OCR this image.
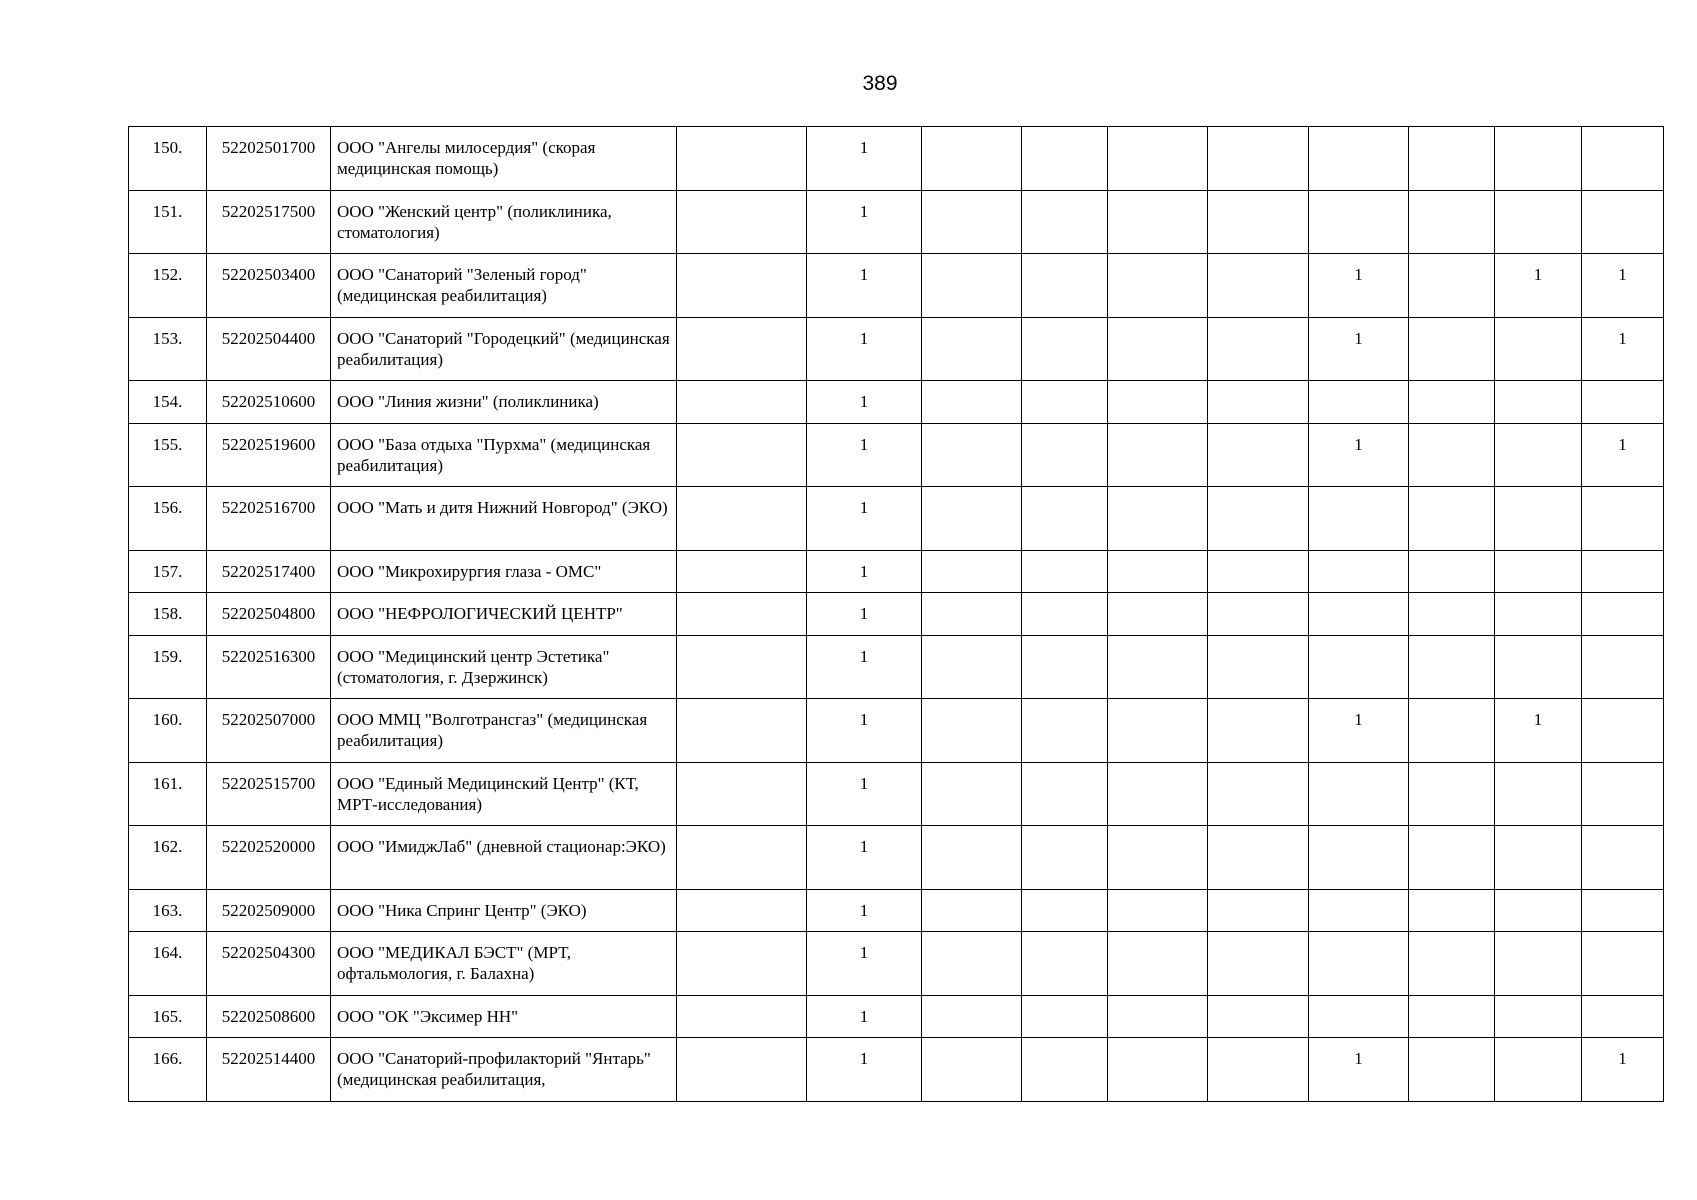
389
150.	52202501700	ООО "Ангелы милосердия" (скорая медицинская помощь)		1								
151.	52202517500	ООО "Женский центр" (поликлиника, стоматология)		1								
152.	52202503400	ООО "Санаторий "Зеленый город" (медицинская реабилитация)		1					1		1	1
153.	52202504400	ООО "Санаторий "Городецкий" (медицинская реабилитация)		1					1			1
154.	52202510600	ООО "Линия жизни" (поликлиника)		1								
155.	52202519600	ООО "База отдыха "Пурхма" (медицинская реабилитация)		1					1			1
156.	52202516700	ООО "Мать и дитя Нижний Новгород" (ЭКО)		1								
157.	52202517400	ООО "Микрохирургия глаза - ОМС"		1								
158.	52202504800	ООО "НЕФРОЛОГИЧЕСКИЙ ЦЕНТР"		1								
159.	52202516300	ООО "Медицинский центр Эстетика" (стоматология, г. Дзержинск)		1								
160.	52202507000	ООО ММЦ "Волготрансгаз" (медицинская реабилитация)		1					1		1	
161.	52202515700	ООО "Единый Медицинский Центр" (КТ, МРТ-исследования)		1								
162.	52202520000	ООО "ИмиджЛаб" (дневной стационар:ЭКО)		1								
163.	52202509000	ООО "Ника Спринг Центр" (ЭКО)		1								
164.	52202504300	ООО "МЕДИКАЛ БЭСТ" (МРТ, офтальмология, г. Балахна)		1								
165.	52202508600	ООО "ОК "Эксимер НН"		1								
166.	52202514400	ООО "Санаторий-профилакторий "Янтарь" (медицинская реабилитация,		1					1			1
